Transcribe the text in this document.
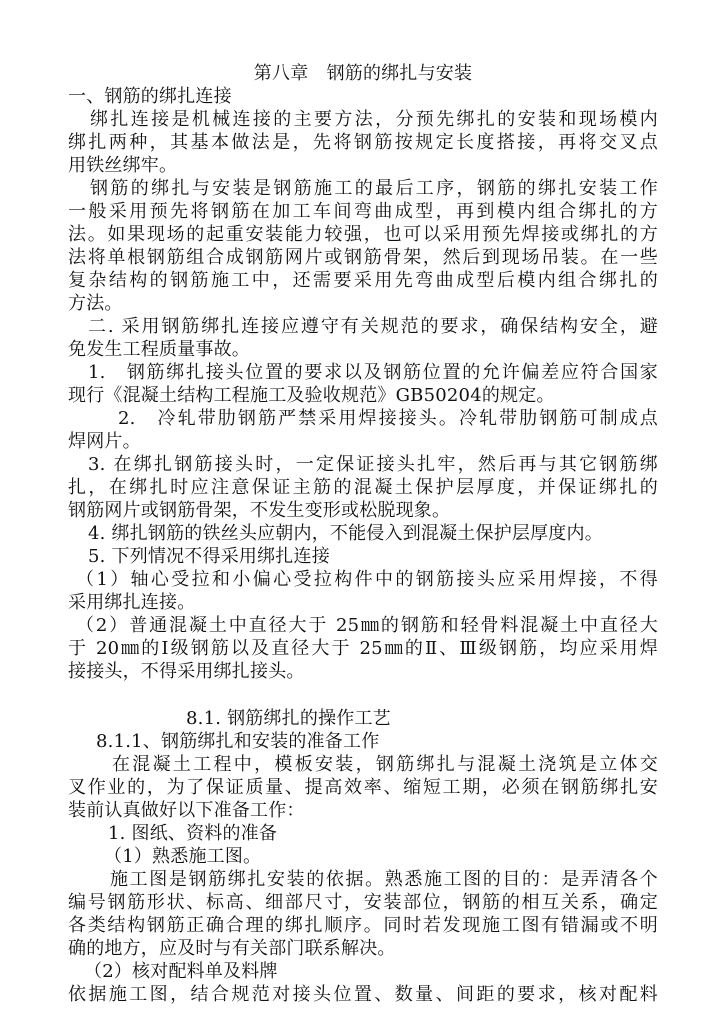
第八章　钢筋的绑扎与安装
一、钢筋的绑扎连接
绑扎连接是机械连接的主要方法，分预先绑扎的安装和现场模内
绑扎两种，其基本做法是，先将钢筋按规定长度搭接，再将交叉点
用铁丝绑牢。
钢筋的绑扎与安装是钢筋施工的最后工序，钢筋的绑扎安装工作
一般采用预先将钢筋在加工车间弯曲成型，再到模内组合绑扎的方
法。如果现场的起重安装能力较强，也可以采用预先焊接或绑扎的方
法将单根钢筋组合成钢筋网片或钢筋骨架，然后到现场吊装。在一些
复杂结构的钢筋施工中，还需要采用先弯曲成型后模内组合绑扎的
方法。
二. 采用钢筋绑扎连接应遵守有关规范的要求，确保结构安全，避
免发生工程质量事故。
1.　钢筋绑扎接头位置的要求以及钢筋位置的允许偏差应符合国家
现行《混凝土结构工程施工及验收规范》GB50204的规定。
2.　冷轧带肋钢筋严禁采用焊接接头。冷轧带肋钢筋可制成点
焊网片。
3. 在绑扎钢筋接头时，一定保证接头扎牢，然后再与其它钢筋绑
扎，在绑扎时应注意保证主筋的混凝土保护层厚度，并保证绑扎的
钢筋网片或钢筋骨架，不发生变形或松脱现象。
4. 绑扎钢筋的铁丝头应朝内，不能侵入到混凝土保护层厚度内。
5. 下列情况不得采用绑扎连接
（1）轴心受拉和小偏心受拉构件中的钢筋接头应采用焊接，不得
采用绑扎连接。
（2）普通混凝土中直径大于 25㎜的钢筋和轻骨料混凝土中直径大
于 20㎜的Ⅰ级钢筋以及直径大于 25㎜的Ⅱ、Ⅲ级钢筋，均应采用焊
接接头，不得采用绑扎接头。
8.1. 钢筋绑扎的操作工艺
8.1.1、钢筋绑扎和安装的准备工作
在混凝土工程中，模板安装，钢筋绑扎与混凝土浇筑是立体交
叉作业的，为了保证质量、提高效率、缩短工期，必须在钢筋绑扎安
装前认真做好以下准备工作：
1. 图纸、资料的准备
（1）熟悉施工图。
施工图是钢筋绑扎安装的依据。熟悉施工图的目的：是弄清各个
编号钢筋形状、标高、细部尺寸，安装部位，钢筋的相互关系，确定
各类结构钢筋正确合理的绑扎顺序。同时若发现施工图有错漏或不明
确的地方，应及时与有关部门联系解决。
（2）核对配料单及料牌
依据施工图，结合规范对接头位置、数量、间距的要求，核对配料
